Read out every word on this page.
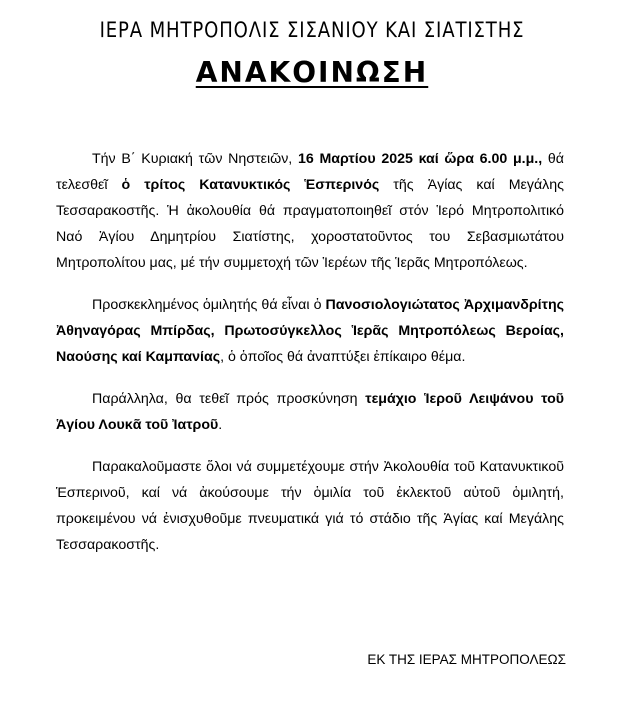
ΙΕΡΑ ΜΗΤΡΟΠΟΛΙΣ ΣΙΣΑΝΙΟΥ ΚΑΙ ΣΙΑΤΙΣΤΗΣ
ΑΝΑΚΟΙΝΩΣΗ

Τήν Β΄ Κυριακή τῶν Νηστειῶν, 16 Μαρτίου 2025 καί ὥρα 6.00 μ.μ., θά τελεσθεῖ ὁ τρίτος Κατανυκτικός Ἑσπερινός τῆς Ἁγίας καί Μεγάλης Τεσσαρακοστῆς. Ἡ ἀκολουθία θά πραγματοποιηθεῖ στόν Ἱερό Μητροπολιτικό Ναό Ἁγίου Δημητρίου Σιατίστης, χοροστατοῦντος του Σεβασμιωτάτου Μητροπολίτου μας, μέ τήν συμμετοχή τῶν Ἱερέων τῆς Ἱερᾶς Μητροπόλεως.

Προσκεκλημένος ὁμιλητής θά εἶναι ὁ Πανοσιολογιώτατος Ἀρχιμανδρίτης Ἀθηναγόρας Μπίρδας, Πρωτοσύγκελλος Ἱερᾶς Μητροπόλεως Βεροίας, Ναούσης καί Καμπανίας, ὁ ὁποῖος θά ἀναπτύξει ἐπίκαιρο θέμα.

Παράλληλα, θα τεθεῖ πρός προσκύνηση τεμάχιο Ἱεροῦ Λειψάνου τοῦ Ἁγίου Λουκᾶ τοῦ Ἰατροῦ.

Παρακαλοῦμαστε ὅλοι νά συμμετέχουμε στήν Ἀκολουθία τοῦ Κατανυκτικοῦ Ἑσπερινοῦ, καί νά ἀκούσουμε τήν ὁμιλία τοῦ ἐκλεκτοῦ αὐτοῦ ὁμιλητή, προκειμένου νά ἐνισχυθοῦμε πνευματικά γιά τό στάδιο τῆς Ἁγίας καί Μεγάλης Τεσσαρακοστῆς.

ΕΚ ΤΗΣ ΙΕΡΑΣ ΜΗΤΡΟΠΟΛΕΩΣ
